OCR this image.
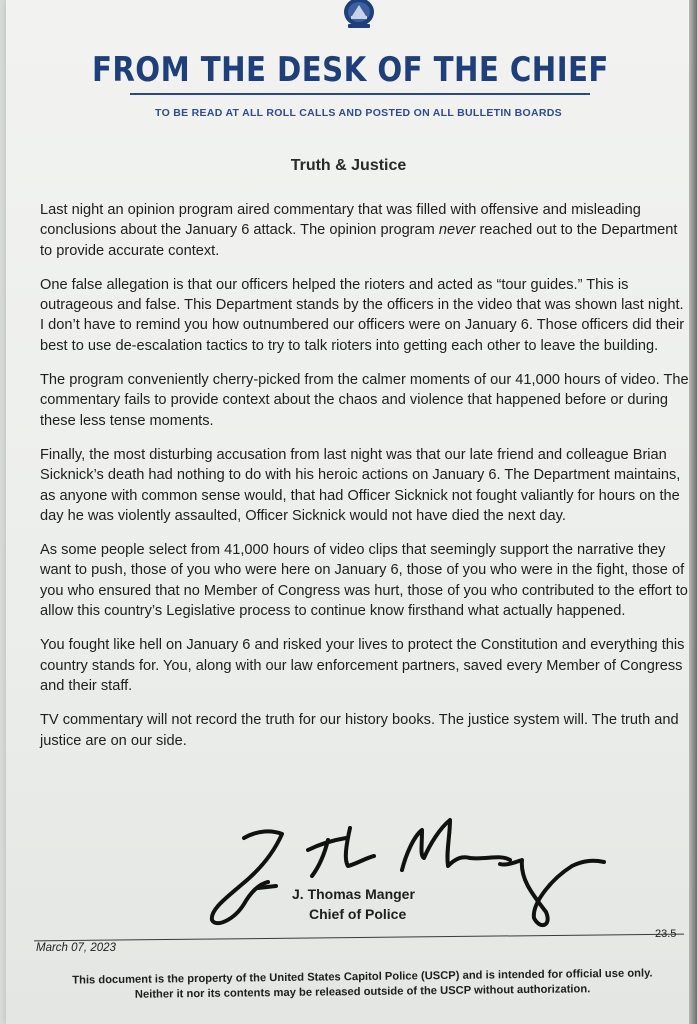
FROM THE DESK OF THE CHIEF
TO BE READ AT ALL ROLL CALLS AND POSTED ON ALL BULLETIN BOARDS
Truth & Justice

Last night an opinion program aired commentary that was filled with offensive and misleading conclusions about the January 6 attack. The opinion program never reached out to the Department to provide accurate context.

One false allegation is that our officers helped the rioters and acted as “tour guides.” This is outrageous and false. This Department stands by the officers in the video that was shown last night. I don’t have to remind you how outnumbered our officers were on January 6. Those officers did their best to use de-escalation tactics to try to talk rioters into getting each other to leave the building.

The program conveniently cherry-picked from the calmer moments of our 41,000 hours of video. The commentary fails to provide context about the chaos and violence that happened before or during these less tense moments.

Finally, the most disturbing accusation from last night was that our late friend and colleague Brian Sicknick’s death had nothing to do with his heroic actions on January 6. The Department maintains, as anyone with common sense would, that had Officer Sicknick not fought valiantly for hours on the day he was violently assaulted, Officer Sicknick would not have died the next day.

As some people select from 41,000 hours of video clips that seemingly support the narrative they want to push, those of you who were here on January 6, those of you who were in the fight, those of you who ensured that no Member of Congress was hurt, those of you who contributed to the effort to allow this country’s Legislative process to continue know firsthand what actually happened.

You fought like hell on January 6 and risked your lives to protect the Constitution and everything this country stands for. You, along with our law enforcement partners, saved every Member of Congress and their staff.

TV commentary will not record the truth for our history books. The justice system will. The truth and justice are on our side.

J. Thomas Manger
Chief of Police
23.5
March 07, 2023
This document is the property of the United States Capitol Police (USCP) and is intended for official use only.
Neither it nor its contents may be released outside of the USCP without authorization.
